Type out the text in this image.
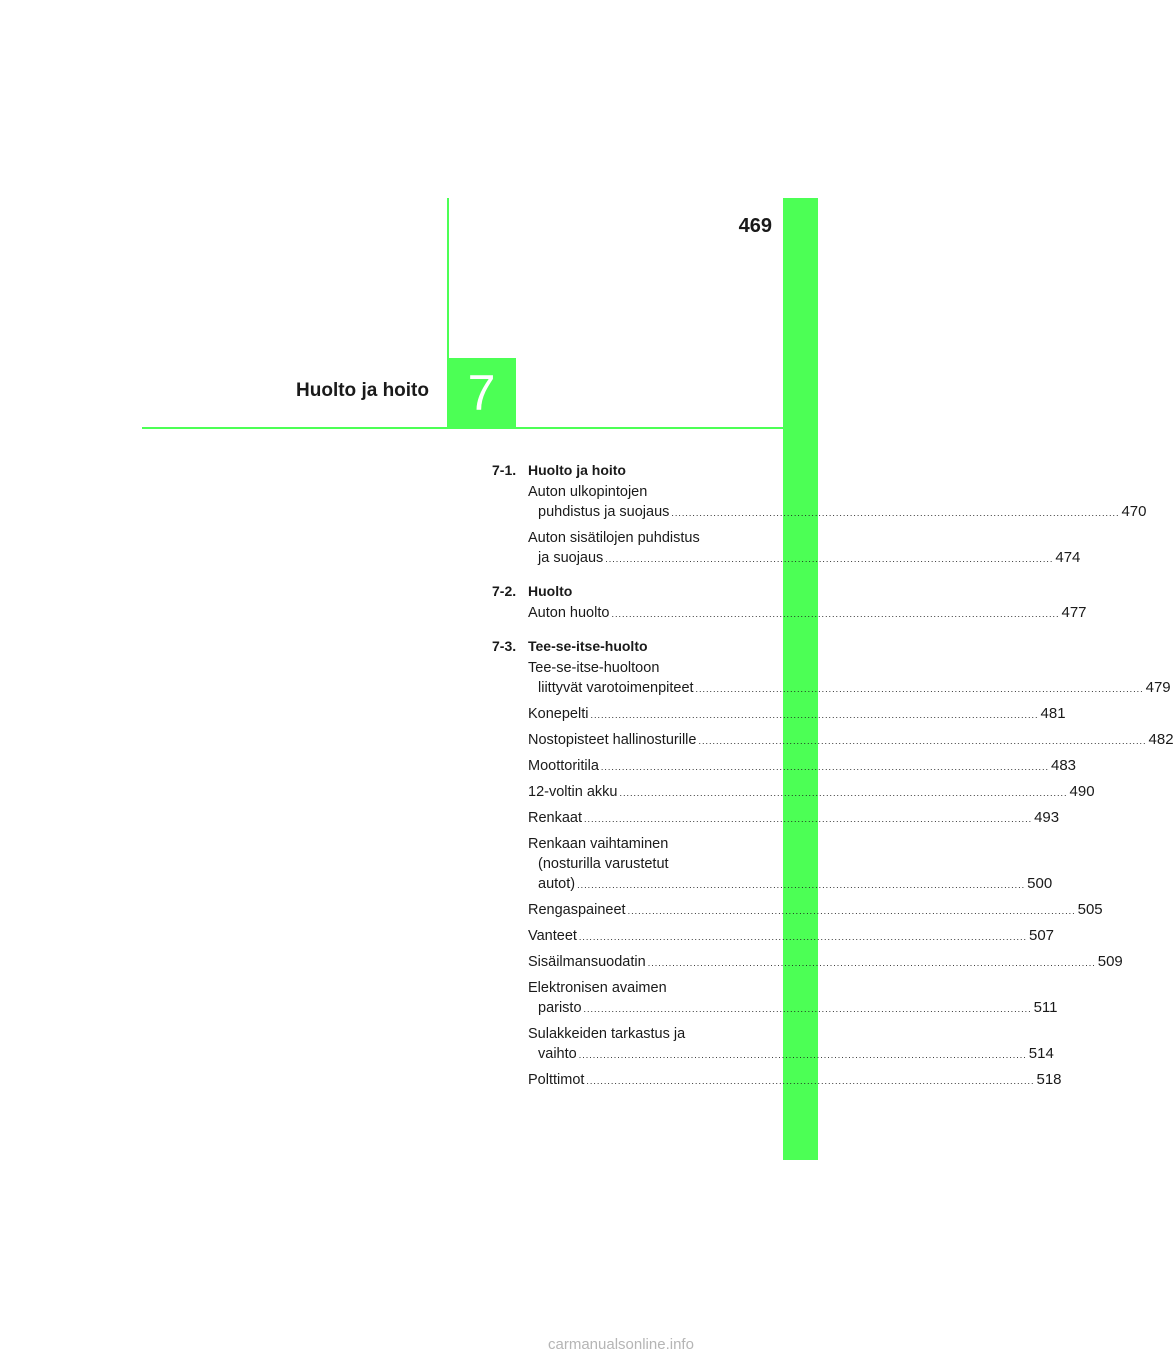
469
Huolto ja hoito 7
7-1. Huolto ja hoito
Auton ulkopintojen
puhdistus ja suojaus .....	470
Auton sisätilojen puhdistus
ja suojaus .....	474
7-2. Huolto
Auton huolto .....	477
7-3. Tee-se-itse-huolto
Tee-se-itse-huoltoon
liittyvät varotoimenpiteet .....	479
Konepelti .....	481
Nostopisteet hallinosturille .....	482
Moottoritila .....	483
12-voltin akku .....	490
Renkaat .....	493
Renkaan vaihtaminen
(nosturilla varustetut
autot) .....	500
Rengaspaineet .....	505
Vanteet .....	507
Sisäilmansuodatin .....	509
Elektronisen avaimen
paristo .....	511
Sulakkeiden tarkastus ja
vaihto .....	514
Polttimot .....	518
carmanualsonline.info
